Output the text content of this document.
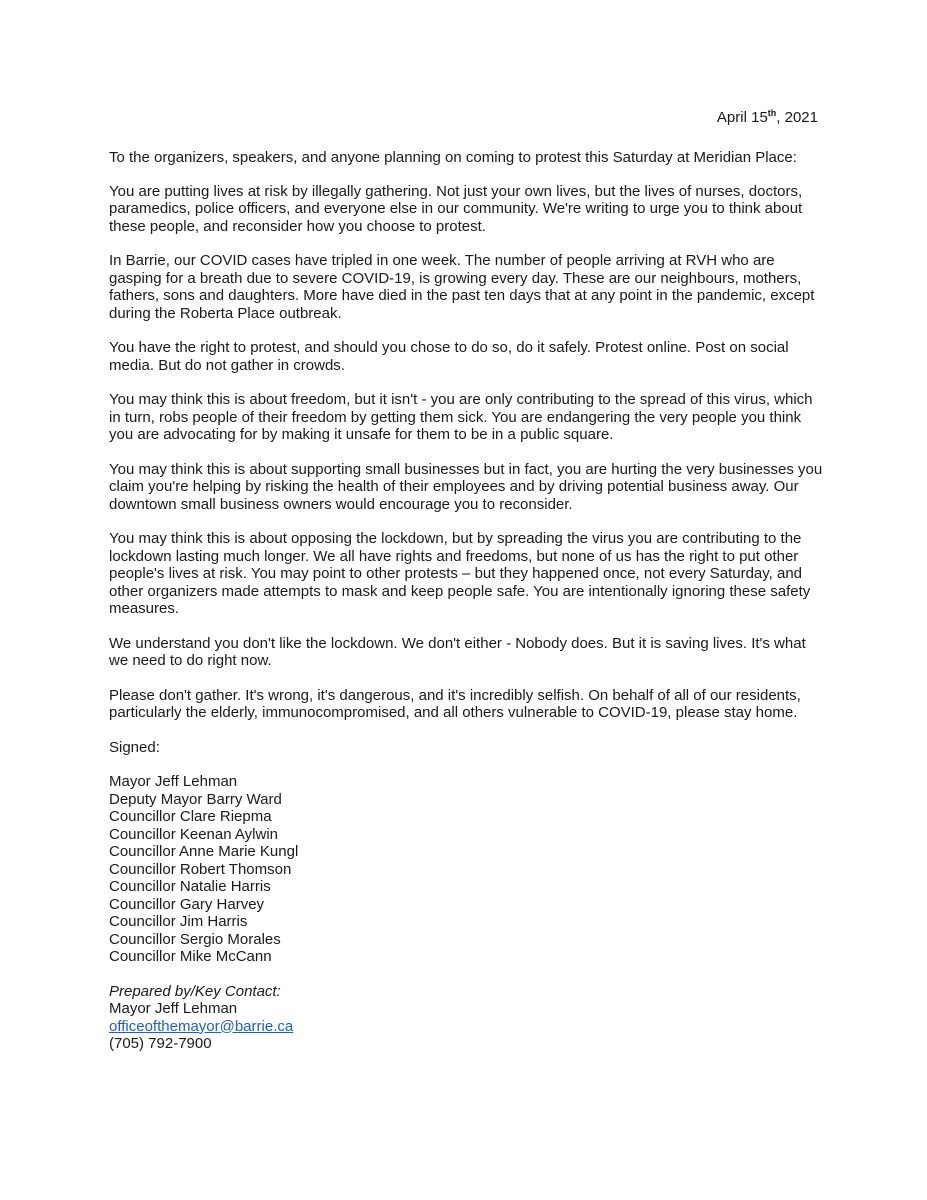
April 15th, 2021

To the organizers, speakers, and anyone planning on coming to protest this Saturday at Meridian Place:

You are putting lives at risk by illegally gathering. Not just your own lives, but the lives of nurses, doctors, paramedics, police officers, and everyone else in our community. We're writing to urge you to think about these people, and reconsider how you choose to protest.

In Barrie, our COVID cases have tripled in one week. The number of people arriving at RVH who are gasping for a breath due to severe COVID-19, is growing every day. These are our neighbours, mothers, fathers, sons and daughters. More have died in the past ten days that at any point in the pandemic, except during the Roberta Place outbreak.

You have the right to protest, and should you chose to do so, do it safely. Protest online. Post on social media. But do not gather in crowds.

You may think this is about freedom, but it isn't - you are only contributing to the spread of this virus, which in turn, robs people of their freedom by getting them sick. You are endangering the very people you think you are advocating for by making it unsafe for them to be in a public square.

You may think this is about supporting small businesses but in fact, you are hurting the very businesses you claim you're helping by risking the health of their employees and by driving potential business away. Our downtown small business owners would encourage you to reconsider.

You may think this is about opposing the lockdown, but by spreading the virus you are contributing to the lockdown lasting much longer. We all have rights and freedoms, but none of us has the right to put other people's lives at risk. You may point to other protests – but they happened once, not every Saturday, and other organizers made attempts to mask and keep people safe. You are intentionally ignoring these safety measures.

We understand you don't like the lockdown. We don't either - Nobody does. But it is saving lives. It's what we need to do right now.

Please don't gather. It's wrong, it's dangerous, and it's incredibly selfish. On behalf of all of our residents, particularly the elderly, immunocompromised, and all others vulnerable to COVID-19, please stay home.

Signed:

Mayor Jeff Lehman
Deputy Mayor Barry Ward
Councillor Clare Riepma
Councillor Keenan Aylwin
Councillor Anne Marie Kungl
Councillor Robert Thomson
Councillor Natalie Harris
Councillor Gary Harvey
Councillor Jim Harris
Councillor Sergio Morales
Councillor Mike McCann
Prepared by/Key Contact:
Mayor Jeff Lehman
officeofthemayor@barrie.ca
(705) 792-7900
